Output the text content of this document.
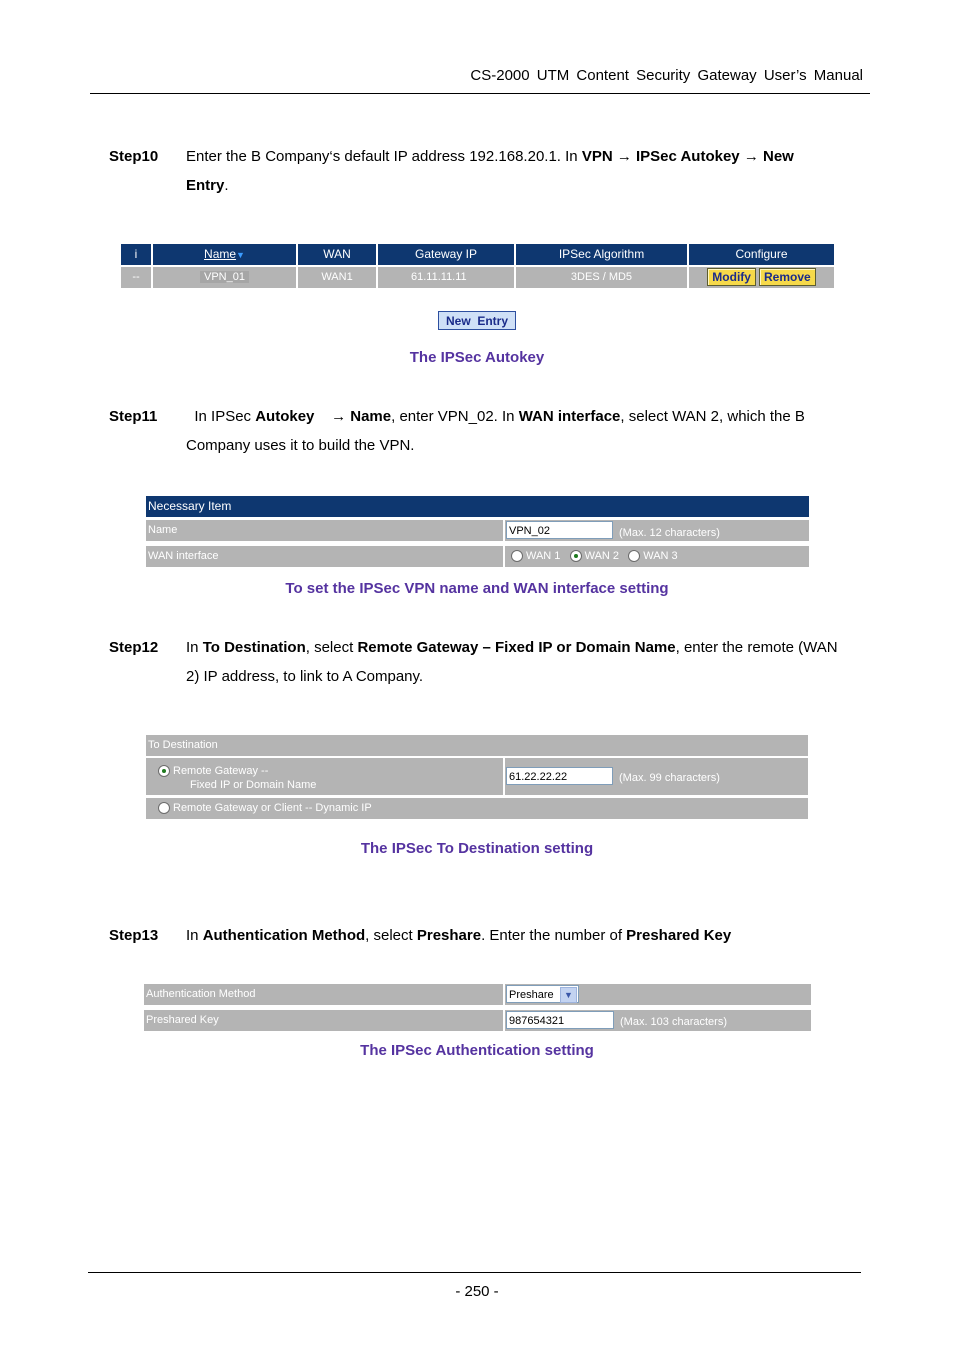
CS-2000 UTM Content Security Gateway User’s Manual
Step10 Enter the B Company‘s default IP address 192.168.20.1. In VPN → IPSec Autokey → New
Entry.
i	Name▼	WAN	Gateway IP	IPSec Algorithm	Configure
--	VPN_01	WAN1	61.11.11.11	3DES / MD5	Modify Remove
New  Entry
The IPSec Autokey
Step11	In IPSec Autokey → Name, enter VPN_02. In WAN interface, select WAN 2, which the B Company uses it to build the VPN.
Necessary Item
Name	VPN_02	(Max. 12 characters)
WAN interface	WAN 1 WAN 2 WAN 3
To set the IPSec VPN name and WAN interface setting
Step12 In To Destination, select Remote Gateway – Fixed IP or Domain Name, enter the remote (WAN 2) IP address, to link to A Company.
To Destination
Remote Gateway --
Fixed IP or Domain Name
61.22.22.22	(Max. 99 characters)
Remote Gateway or Client -- Dynamic IP
The IPSec To Destination setting
Step13 In Authentication Method, select Preshare. Enter the number of Preshared Key
Authentication Method	Preshare	▼
Preshared Key	987654321	(Max. 103 characters)
The IPSec Authentication setting
- 250 -
